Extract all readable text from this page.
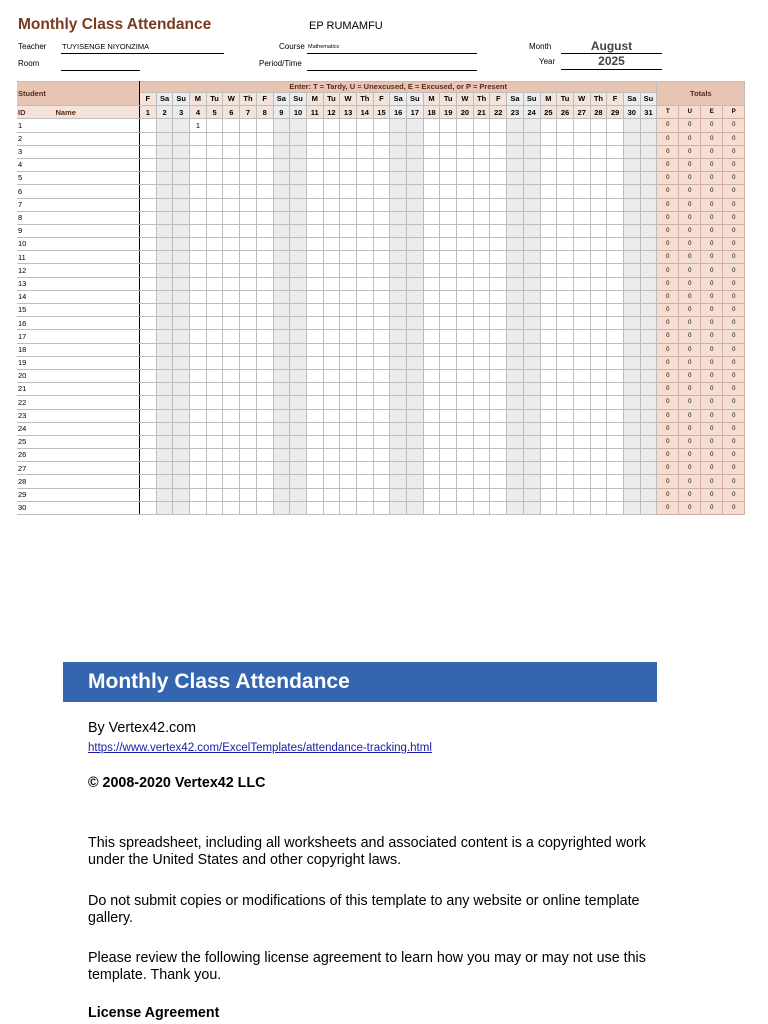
Monthly Class Attendance	EP RUMAMFU
Teacher TUYISENGE NIYONZIMA	Course Mathematics	Month	August
Room	Period/Time	Year	2025
Student	Enter: T = Tardy, U = Unexcused, E = Excused, or P = Present																															Totals			
	F	Sa	Su	M	Tu	W	Th	F	Sa	Su	M	Tu	W	Th	F	Sa	Su	M	Tu	W	Th	F	Sa	Su	M	Tu	W	Th	F	Sa	Su				
ID Name	1	2	3	4	5	6	7	8	9	10	11	12	13	14	15	16	17	18	19	20	21	22	23	24	25	26	27	28	29	30	31	T	U	E	P
1				1																												0	0	0	0
2																																0	0	0	0
3																																0	0	0	0
4																																0	0	0	0
5																																0	0	0	0
6																																0	0	0	0
7																																0	0	0	0
8																																0	0	0	0
9																																0	0	0	0
10																																0	0	0	0
11																																0	0	0	0
12																																0	0	0	0
13																																0	0	0	0
14																																0	0	0	0
15																																0	0	0	0
16																																0	0	0	0
17																																0	0	0	0
18																																0	0	0	0
19																																0	0	0	0
20																																0	0	0	0
21																																0	0	0	0
22																																0	0	0	0
23																																0	0	0	0
24																																0	0	0	0
25																																0	0	0	0
26																																0	0	0	0
27																																0	0	0	0
28																																0	0	0	0
29																																0	0	0	0
30																																0	0	0	0
Monthly Class Attendance
By Vertex42.com
https://www.vertex42.com/ExcelTemplates/attendance-tracking.html
© 2008-2020 Vertex42 LLC
This spreadsheet, including all worksheets and associated content is a copyrighted work under the United States and other copyright laws.
Do not submit copies or modifications of this template to any website or online template gallery.
Please review the following license agreement to learn how you may or may not use this template. Thank you.
License Agreement
